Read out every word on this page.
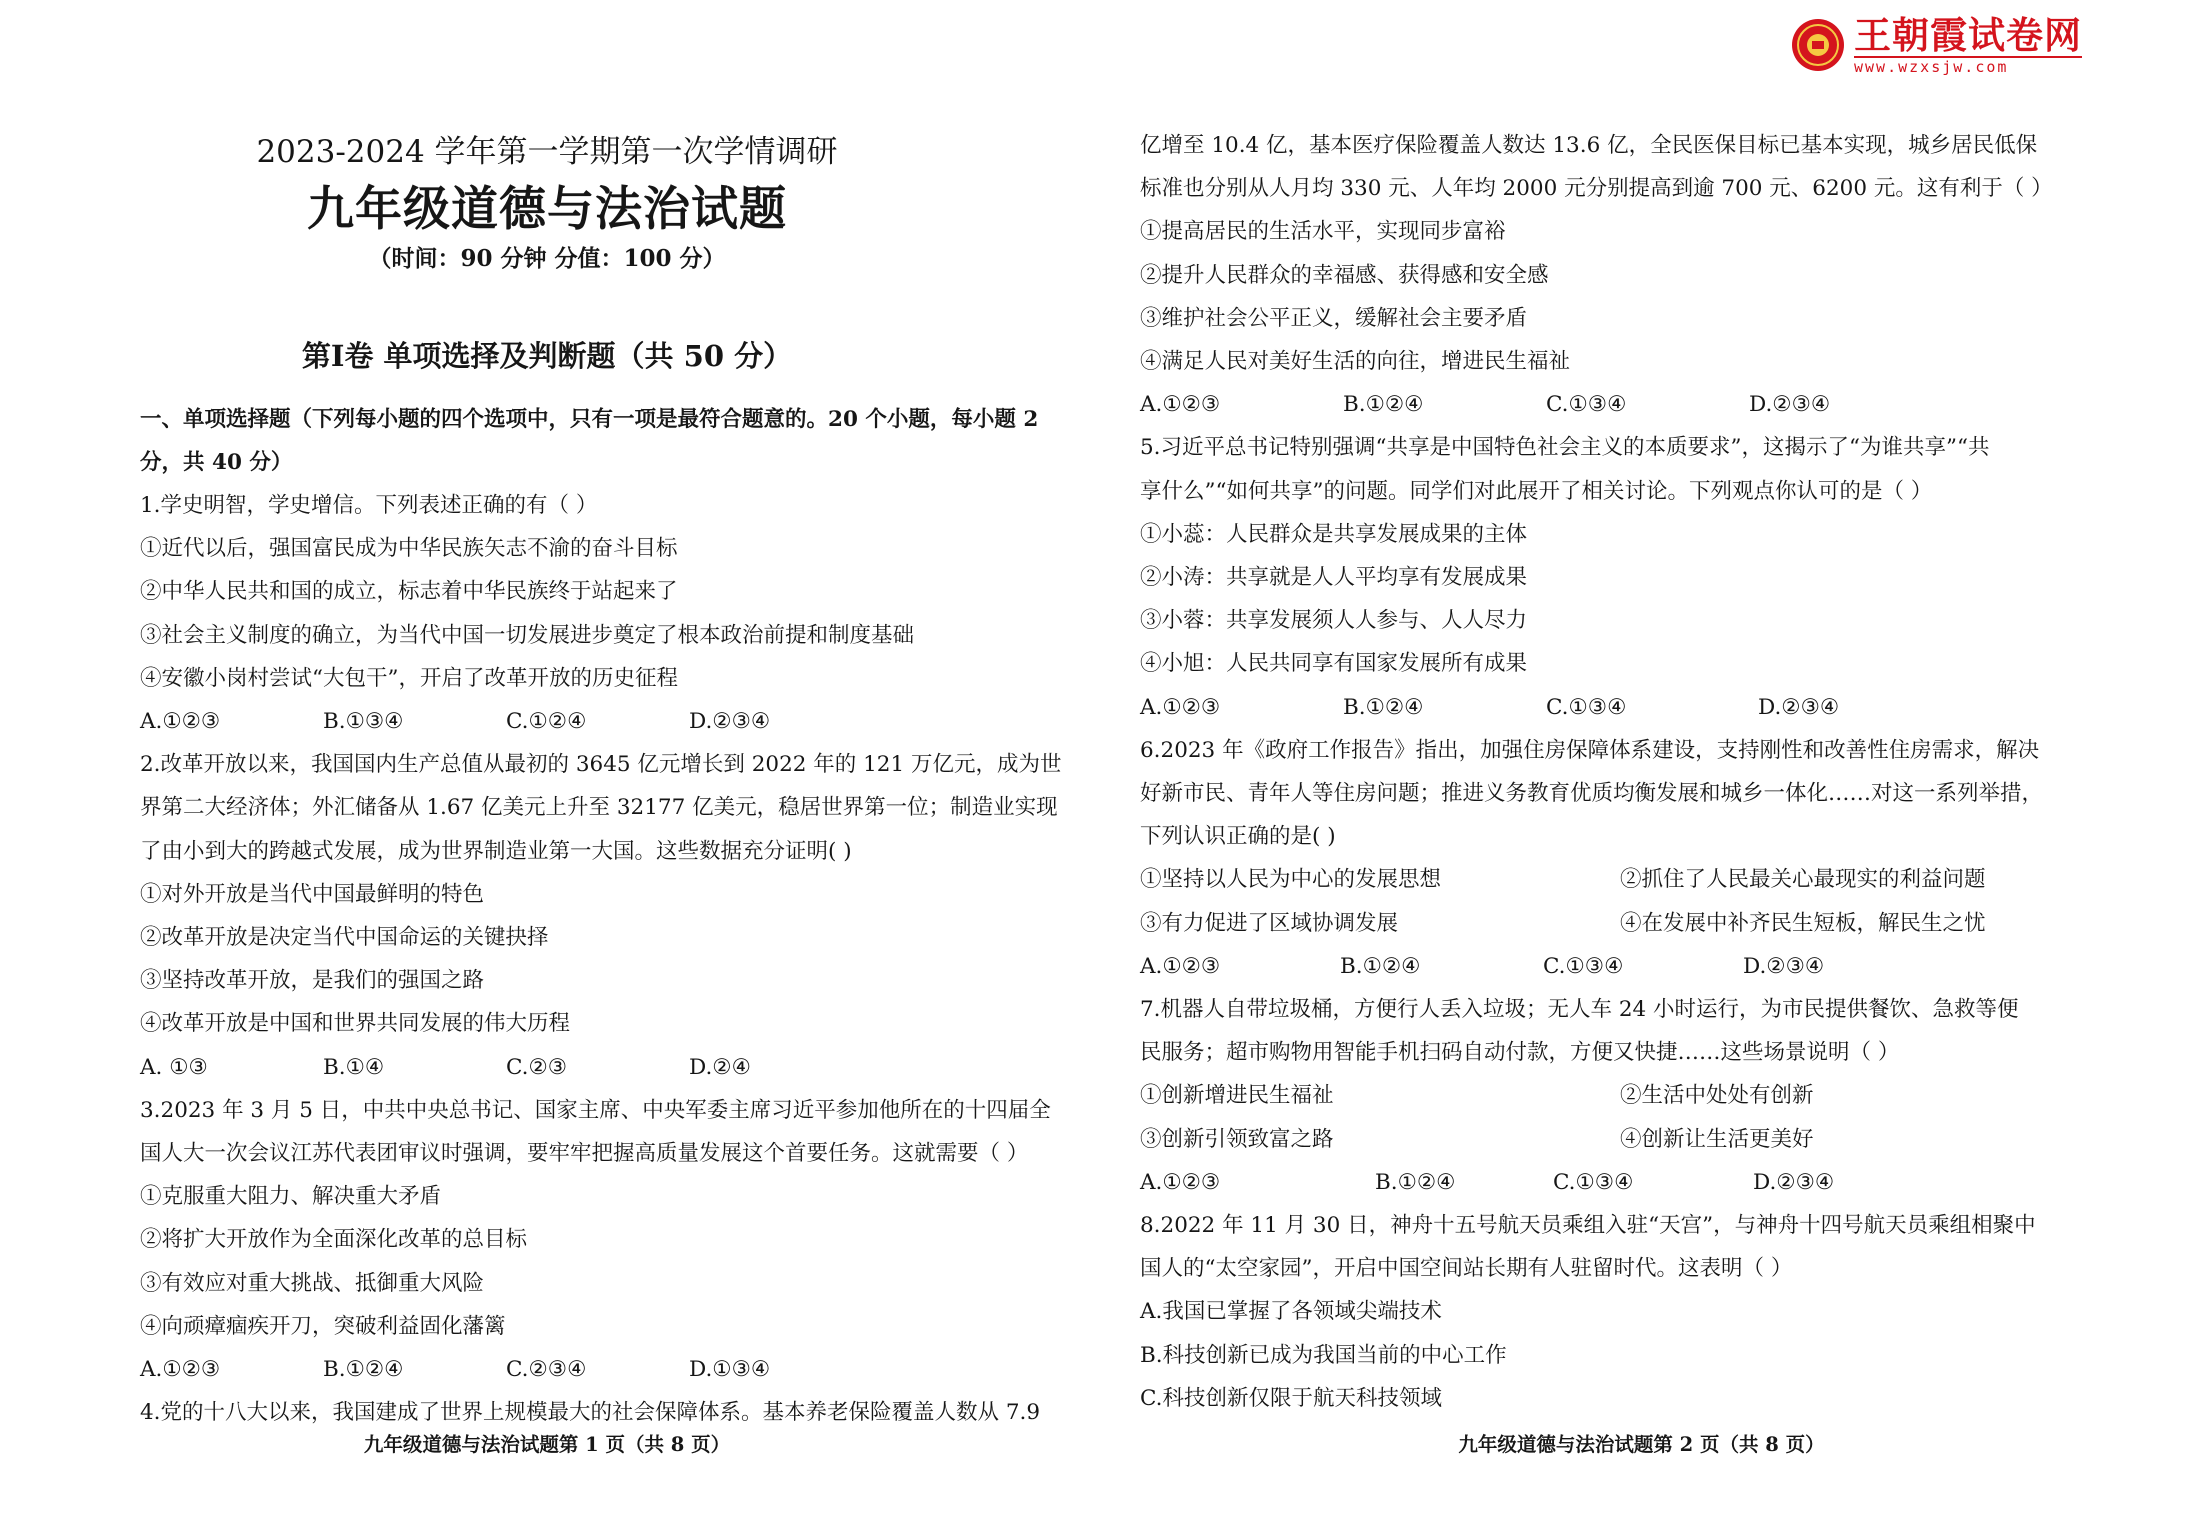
王朝霞试卷网
www.wzxsjw.com
2023-2024 学年第一学期第一次学情调研
九年级道德与法治试题
（时间：90 分钟 分值：100 分）
第Ⅰ卷 单项选择及判断题（共 50 分）
一、单项选择题（下列每小题的四个选项中，只有一项是最符合题意的。20 个小题，每小题 2
分，共 40 分）
1.学史明智，学史增信。下列表述正确的有（ ）
①近代以后，强国富民成为中华民族矢志不渝的奋斗目标
②中华人民共和国的成立，标志着中华民族终于站起来了
③社会主义制度的确立，为当代中国一切发展进步奠定了根本政治前提和制度基础
④安徽小岗村尝试“大包干”，开启了改革开放的历史征程
A.①②③	B.①③④	C.①②④	D.②③④
2.改革开放以来，我国国内生产总值从最初的 3645 亿元增长到 2022 年的 121 万亿元，成为世
界第二大经济体；外汇储备从 1.67 亿美元上升至 32177 亿美元，稳居世界第一位；制造业实现
了由小到大的跨越式发展，成为世界制造业第一大国。这些数据充分证明( )
①对外开放是当代中国最鲜明的特色
②改革开放是决定当代中国命运的关键抉择
③坚持改革开放，是我们的强国之路
④改革开放是中国和世界共同发展的伟大历程
A. ①③	B.①④	C.②③	D.②④
3.2023 年 3 月 5 日，中共中央总书记、国家主席、中央军委主席习近平参加他所在的十四届全
国人大一次会议江苏代表团审议时强调，要牢牢把握高质量发展这个首要任务。这就需要（ ）
①克服重大阻力、解决重大矛盾
②将扩大开放作为全面深化改革的总目标
③有效应对重大挑战、抵御重大风险
④向顽瘴痼疾开刀，突破利益固化藩篱
A.①②③	B.①②④	C.②③④	D.①③④
4.党的十八大以来，我国建成了世界上规模最大的社会保障体系。基本养老保险覆盖人数从 7.9
亿增至 10.4 亿，基本医疗保险覆盖人数达 13.6 亿，全民医保目标已基本实现，城乡居民低保
标准也分别从人月均 330 元、人年均 2000 元分别提高到逾 700 元、6200 元。这有利于（ ）
①提高居民的生活水平，实现同步富裕
②提升人民群众的幸福感、获得感和安全感
③维护社会公平正义，缓解社会主要矛盾
④满足人民对美好生活的向往，增进民生福祉
A.①②③	B.①②④	C.①③④	D.②③④
5.习近平总书记特别强调“共享是中国特色社会主义的本质要求”，这揭示了“为谁共享”“共
享什么”“如何共享”的问题。同学们对此展开了相关讨论。下列观点你认可的是（ ）
①小蕊：人民群众是共享发展成果的主体
②小涛：共享就是人人平均享有发展成果
③小蓉：共享发展须人人参与、人人尽力
④小旭：人民共同享有国家发展所有成果
A.①②③	B.①②④	C.①③④	D.②③④
6.2023 年《政府工作报告》指出，加强住房保障体系建设，支持刚性和改善性住房需求，解决
好新市民、青年人等住房问题；推进义务教育优质均衡发展和城乡一体化……对这一系列举措，
下列认识正确的是( )
①坚持以人民为中心的发展思想	②抓住了人民最关心最现实的利益问题
③有力促进了区域协调发展	④在发展中补齐民生短板，解民生之忧
A.①②③	B.①②④	C.①③④	D.②③④
7.机器人自带垃圾桶，方便行人丢入垃圾；无人车 24 小时运行，为市民提供餐饮、急救等便
民服务；超市购物用智能手机扫码自动付款，方便又快捷……这些场景说明（ ）
①创新增进民生福祉	②生活中处处有创新
③创新引领致富之路	④创新让生活更美好
A.①②③	B.①②④	C.①③④	D.②③④
8.2022 年 11 月 30 日，神舟十五号航天员乘组入驻“天宫”，与神舟十四号航天员乘组相聚中
国人的“太空家园”，开启中国空间站长期有人驻留时代。这表明（ ）
A.我国已掌握了各领域尖端技术
B.科技创新已成为我国当前的中心工作
C.科技创新仅限于航天科技领域
九年级道德与法治试题第 1 页（共 8 页）	九年级道德与法治试题第 2 页（共 8 页）
